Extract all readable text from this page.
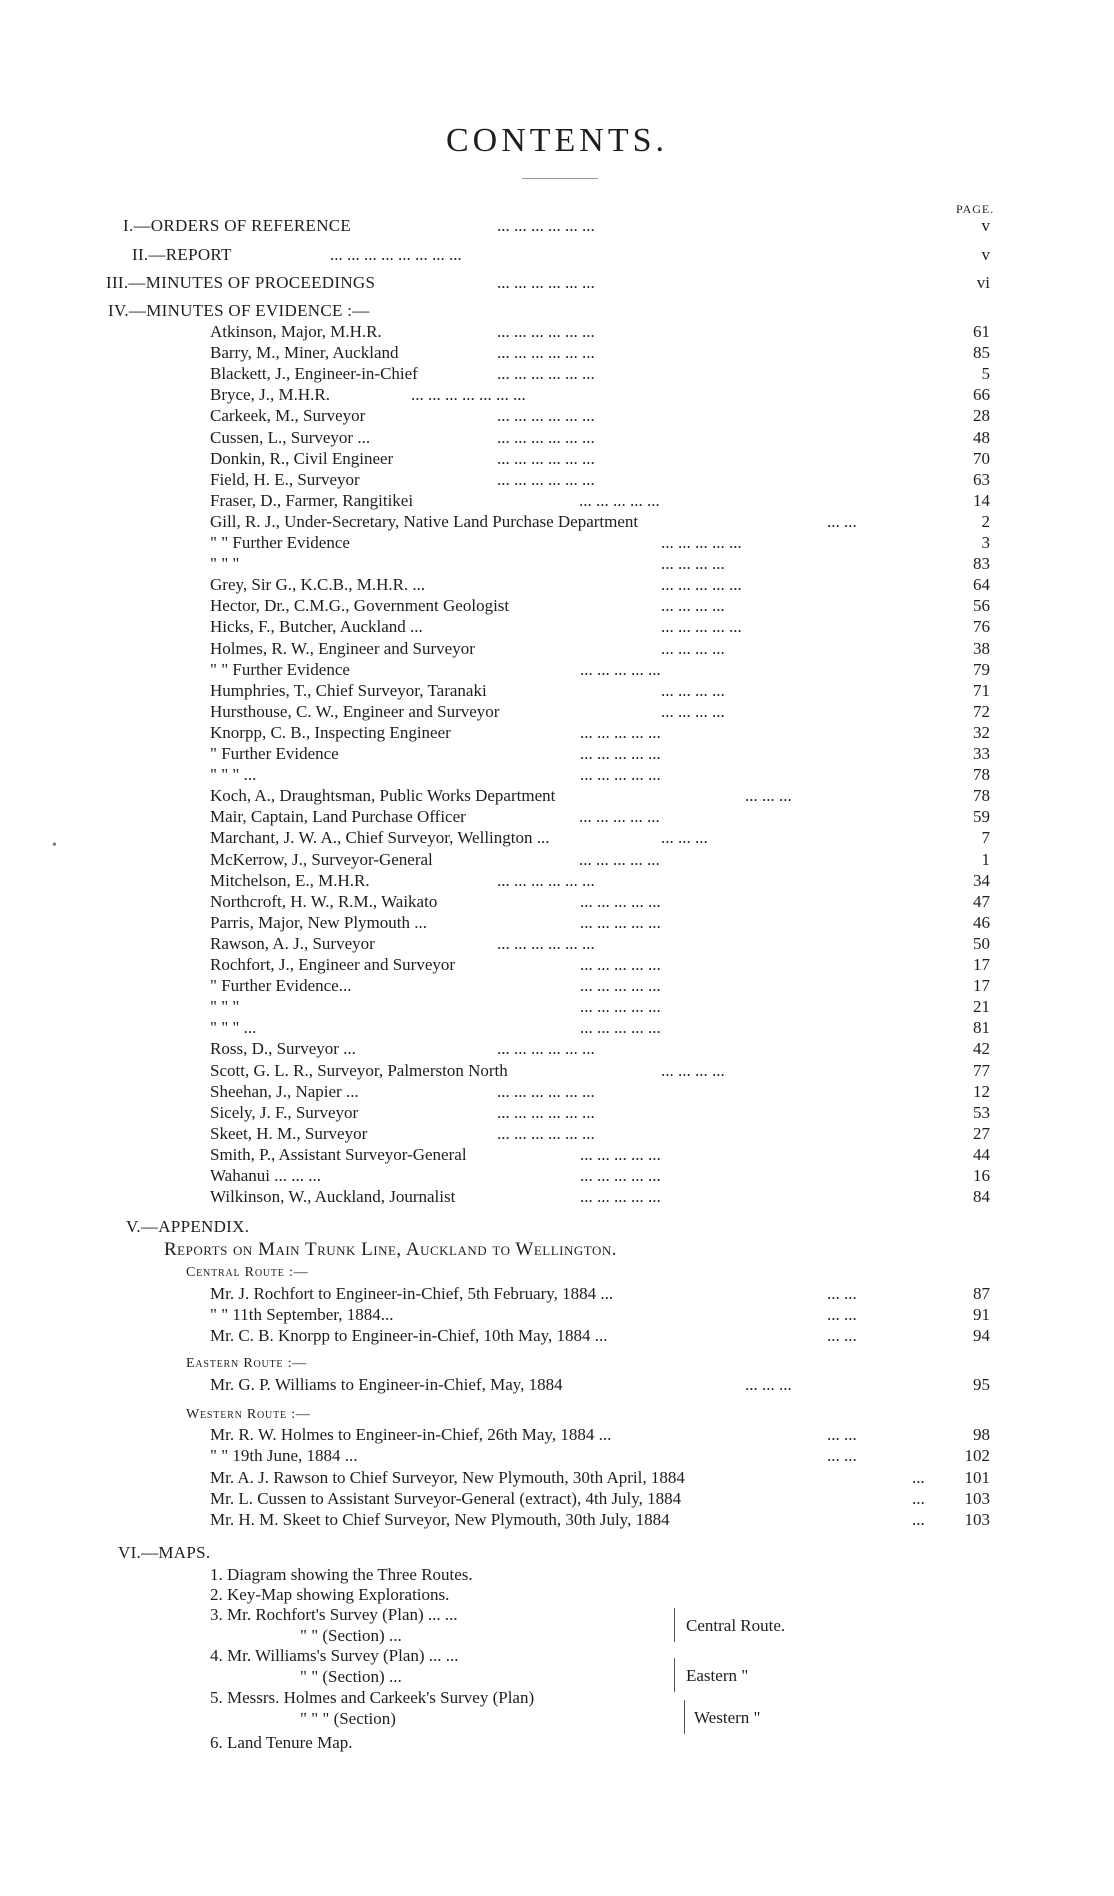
CONTENTS.
PAGE.
I.—ORDERS OF REFERENCE	... ... ... ... ... ...	v
II.—REPORT	... ... ... ... ... ... ... ...	v
III.—MINUTES OF PROCEEDINGS	... ... ... ... ... ...	vi
IV.—MINUTES OF EVIDENCE :—
Atkinson, Major, M.H.R.	... ... ... ... ... ...	61
Barry, M., Miner, Auckland	... ... ... ... ... ...	85
Blackett, J., Engineer-in-Chief	... ... ... ... ... ...	5
Bryce, J., M.H.R.	... ... ... ... ... ... ...	66
Carkeek, M., Surveyor	... ... ... ... ... ...	28
Cussen, L., Surveyor ...	... ... ... ... ... ...	48
Donkin, R., Civil Engineer	... ... ... ... ... ...	70
Field, H. E., Surveyor	... ... ... ... ... ...	63
Fraser, D., Farmer, Rangitikei	... ... ... ... ...	14
Gill, R. J., Under-Secretary, Native Land Purchase Department	... ...	2
" " Further Evidence	... ... ... ... ...	3
" " "	... ... ... ...	83
Grey, Sir G., K.C.B., M.H.R. ...	... ... ... ... ...	64
Hector, Dr., C.M.G., Government Geologist	... ... ... ...	56
Hicks, F., Butcher, Auckland ...	... ... ... ... ...	76
Holmes, R. W., Engineer and Surveyor	... ... ... ...	38
" " Further Evidence	... ... ... ... ...	79
Humphries, T., Chief Surveyor, Taranaki	... ... ... ...	71
Hursthouse, C. W., Engineer and Surveyor	... ... ... ...	72
Knorpp, C. B., Inspecting Engineer	... ... ... ... ...	32
" Further Evidence	... ... ... ... ...	33
" " " ...	... ... ... ... ...	78
Koch, A., Draughtsman, Public Works Department	... ... ...	78
Mair, Captain, Land Purchase Officer	... ... ... ... ...	59
Marchant, J. W. A., Chief Surveyor, Wellington ...	... ... ...	7
McKerrow, J., Surveyor-General	... ... ... ... ...	1
Mitchelson, E., M.H.R.	... ... ... ... ... ...	34
Northcroft, H. W., R.M., Waikato	... ... ... ... ...	47
Parris, Major, New Plymouth ...	... ... ... ... ...	46
Rawson, A. J., Surveyor	... ... ... ... ... ...	50
Rochfort, J., Engineer and Surveyor	... ... ... ... ...	17
" Further Evidence...	... ... ... ... ...	17
" " "	... ... ... ... ...	21
" " " ...	... ... ... ... ...	81
Ross, D., Surveyor ...	... ... ... ... ... ...	42
Scott, G. L. R., Surveyor, Palmerston North	... ... ... ...	77
Sheehan, J., Napier ...	... ... ... ... ... ...	12
Sicely, J. F., Surveyor	... ... ... ... ... ...	53
Skeet, H. M., Surveyor	... ... ... ... ... ...	27
Smith, P., Assistant Surveyor-General	... ... ... ... ...	44
Wahanui ... ... ...	... ... ... ... ...	16
Wilkinson, W., Auckland, Journalist	... ... ... ... ...	84
V.—APPENDIX.
Reports on Main Trunk Line, Auckland to Wellington.
Central Route :—
Mr. J. Rochfort to Engineer-in-Chief, 5th February, 1884 ...	... ...	87
" " 11th September, 1884...	... ...	91
Mr. C. B. Knorpp to Engineer-in-Chief, 10th May, 1884 ...	... ...	94
Eastern Route :—
Mr. G. P. Williams to Engineer-in-Chief, May, 1884	... ... ...	95
Western Route :—
Mr. R. W. Holmes to Engineer-in-Chief, 26th May, 1884 ...	... ...	98
" " 19th June, 1884 ...	... ...	102
Mr. A. J. Rawson to Chief Surveyor, New Plymouth, 30th April, 1884	... 101
Mr. L. Cussen to Assistant Surveyor-General (extract), 4th July, 1884	... 103
Mr. H. M. Skeet to Chief Surveyor, New Plymouth, 30th July, 1884	... 103
VI.—MAPS.
1. Diagram showing the Three Routes.
2. Key-Map showing Explorations.
3. Mr. Rochfort's Survey (Plan) ... ...
" " (Section) ...
4. Mr. Williams's Survey (Plan) ... ...
" " (Section) ...
5. Messrs. Holmes and Carkeek's Survey (Plan)
" " " (Section)
6. Land Tenure Map.
Central Route.
Eastern "
Western "
•
